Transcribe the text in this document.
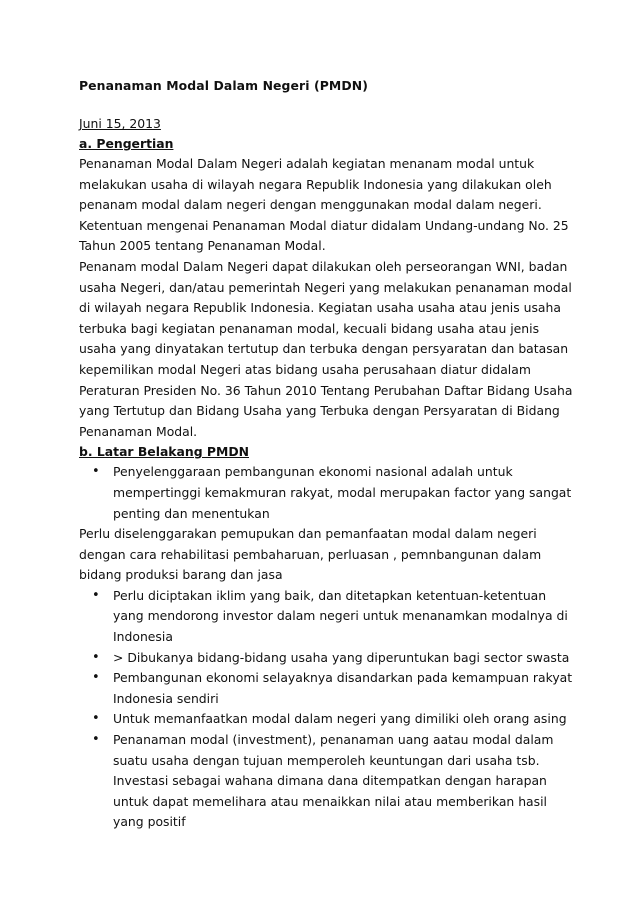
Penanaman Modal Dalam Negeri (PMDN)

Juni 15, 2013

a. Pengertian

Penanaman Modal Dalam Negeri adalah kegiatan menanam modal untuk melakukan usaha di wilayah negara Republik Indonesia yang dilakukan oleh penanam modal dalam negeri dengan menggunakan modal dalam negeri.

Ketentuan mengenai Penanaman Modal diatur didalam Undang-undang No. 25 Tahun 2005 tentang Penanaman Modal.

Penanam modal Dalam Negeri dapat dilakukan oleh perseorangan WNI, badan usaha Negeri, dan/atau pemerintah Negeri yang melakukan penanaman modal di wilayah negara Republik Indonesia. Kegiatan usaha usaha atau jenis usaha terbuka bagi kegiatan penanaman modal, kecuali bidang usaha atau jenis usaha yang dinyatakan tertutup dan terbuka dengan persyaratan dan batasan kepemilikan modal Negeri atas bidang usaha perusahaan diatur didalam Peraturan Presiden No. 36 Tahun 2010 Tentang Perubahan Daftar Bidang Usaha yang Tertutup dan Bidang Usaha yang Terbuka dengan Persyaratan di Bidang Penanaman Modal.

b. Latar Belakang PMDN

• Penyelenggaraan pembangunan ekonomi nasional adalah untuk mempertinggi kemakmuran rakyat, modal merupakan factor yang sangat penting dan menentukan

Perlu diselenggarakan pemupukan dan pemanfaatan modal dalam negeri dengan cara rehabilitasi pembaharuan, perluasan , pemnbangunan dalam bidang produksi barang dan jasa

• Perlu diciptakan iklim yang baik, dan ditetapkan ketentuan-ketentuan yang mendorong investor dalam negeri untuk menanamkan modalnya di Indonesia
• > Dibukanya bidang-bidang usaha yang diperuntukan bagi sector swasta
• Pembangunan ekonomi selayaknya disandarkan pada kemampuan rakyat Indonesia sendiri
• Untuk memanfaatkan modal dalam negeri yang dimiliki oleh orang asing
• Penanaman modal (investment), penanaman uang aatau modal dalam suatu usaha dengan tujuan memperoleh keuntungan dari usaha tsb. Investasi sebagai wahana dimana dana ditempatkan dengan harapan untuk dapat memelihara atau menaikkan nilai atau memberikan hasil yang positif
